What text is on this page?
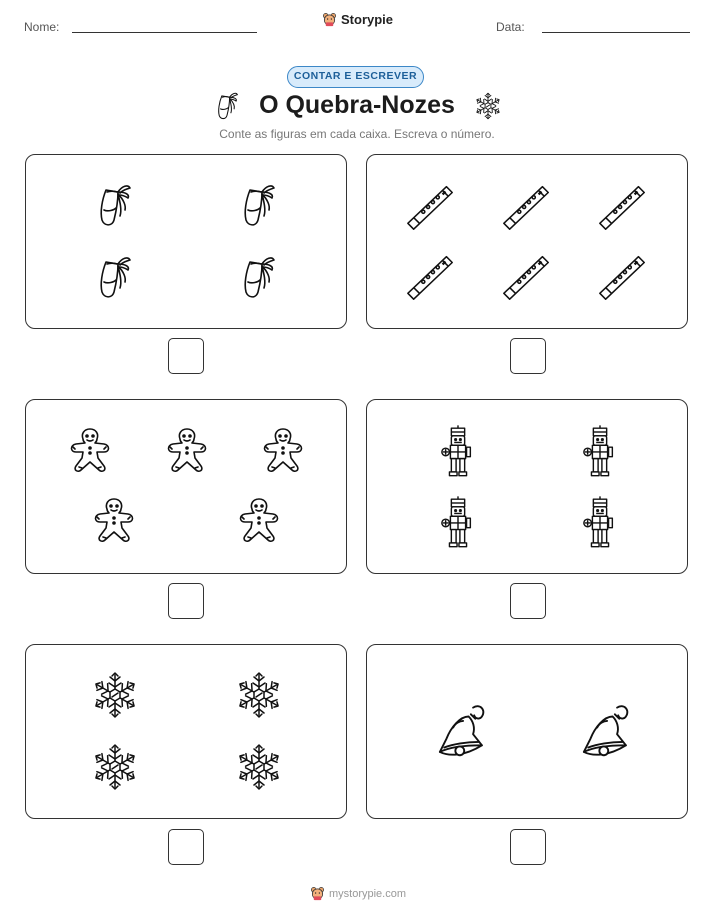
Nome:	Storypie	Data:
CONTAR E ESCREVER
O Quebra-Nozes
Conte as figuras em cada caixa. Escreva o número.
mystorypie.com
